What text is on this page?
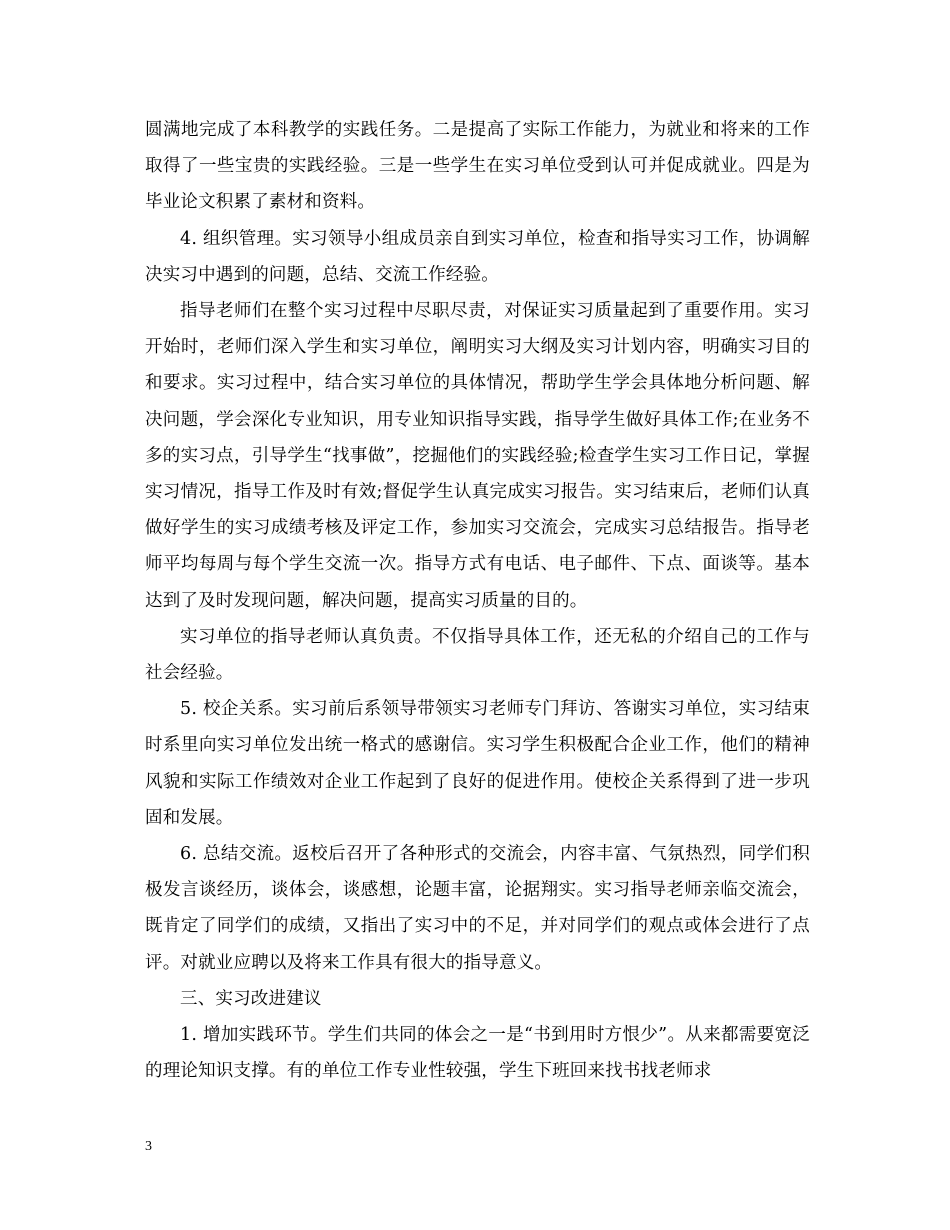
圆满地完成了本科教学的实践任务。二是提高了实际工作能力，为就业和将来的工作取得了一些宝贵的实践经验。三是一些学生在实习单位受到认可并促成就业。四是为毕业论文积累了素材和资料。

4. 组织管理。实习领导小组成员亲自到实习单位，检查和指导实习工作，协调解决实习中遇到的问题，总结、交流工作经验。

指导老师们在整个实习过程中尽职尽责，对保证实习质量起到了重要作用。实习开始时，老师们深入学生和实习单位，阐明实习大纲及实习计划内容，明确实习目的和要求。实习过程中，结合实习单位的具体情况，帮助学生学会具体地分析问题、解决问题，学会深化专业知识，用专业知识指导实践，指导学生做好具体工作;在业务不多的实习点，引导学生“找事做”，挖掘他们的实践经验;检查学生实习工作日记，掌握实习情况，指导工作及时有效;督促学生认真完成实习报告。实习结束后，老师们认真做好学生的实习成绩考核及评定工作，参加实习交流会，完成实习总结报告。指导老师平均每周与每个学生交流一次。指导方式有电话、电子邮件、下点、面谈等。基本达到了及时发现问题，解决问题，提高实习质量的目的。

实习单位的指导老师认真负责。不仅指导具体工作，还无私的介绍自己的工作与社会经验。

5. 校企关系。实习前后系领导带领实习老师专门拜访、答谢实习单位，实习结束时系里向实习单位发出统一格式的感谢信。实习学生积极配合企业工作，他们的精神风貌和实际工作绩效对企业工作起到了良好的促进作用。使校企关系得到了进一步巩固和发展。

6. 总结交流。返校后召开了各种形式的交流会，内容丰富、气氛热烈，同学们积极发言谈经历，谈体会，谈感想，论题丰富，论据翔实。实习指导老师亲临交流会，既肯定了同学们的成绩，又指出了实习中的不足，并对同学们的观点或体会进行了点评。对就业应聘以及将来工作具有很大的指导意义。

三、实习改进建议

1. 增加实践环节。学生们共同的体会之一是“书到用时方恨少”。从来都需要宽泛的理论知识支撑。有的单位工作专业性较强，学生下班回来找书找老师求

3
